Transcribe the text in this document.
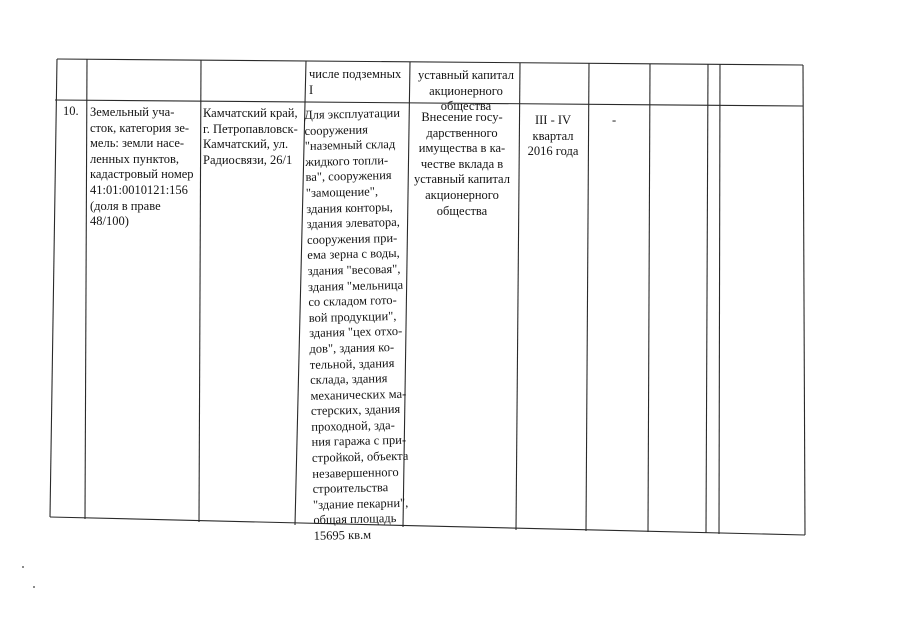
числе подземных
I
уставный капитал
акционерного
общества
10. Земельный уча-
сток, категория зе-
мель: земли насе-
ленных пунктов,
кадастровый номер
41:01:0010121:156
(доля в праве
48/100)
Камчатский край,
г. Петропавловск-
Камчатский, ул.
Радиосвязи, 26/1
Для эксплуатации
сооружения
"наземный склад
жидкого топли-
ва", сооружения
"замощение",
здания конторы,
здания элеватора,
сооружения при-
ема зерна с воды,
здания "весовая",
здания "мельница
со складом гото-
вой продукции",
здания "цех отхо-
дов", здания ко-
тельной, здания
склада, здания
механических ма-
стерских, здания
проходной, зда-
ния гаража с при-
стройкой, объекта
незавершенного
строительства
"здание пекарни",
общая площадь
15695 кв.м
Внесение госу-
дарственного
имущества в ка-
честве вклада в
уставный капитал
акционерного
общества
III - IV
квартал
2016 года
-
